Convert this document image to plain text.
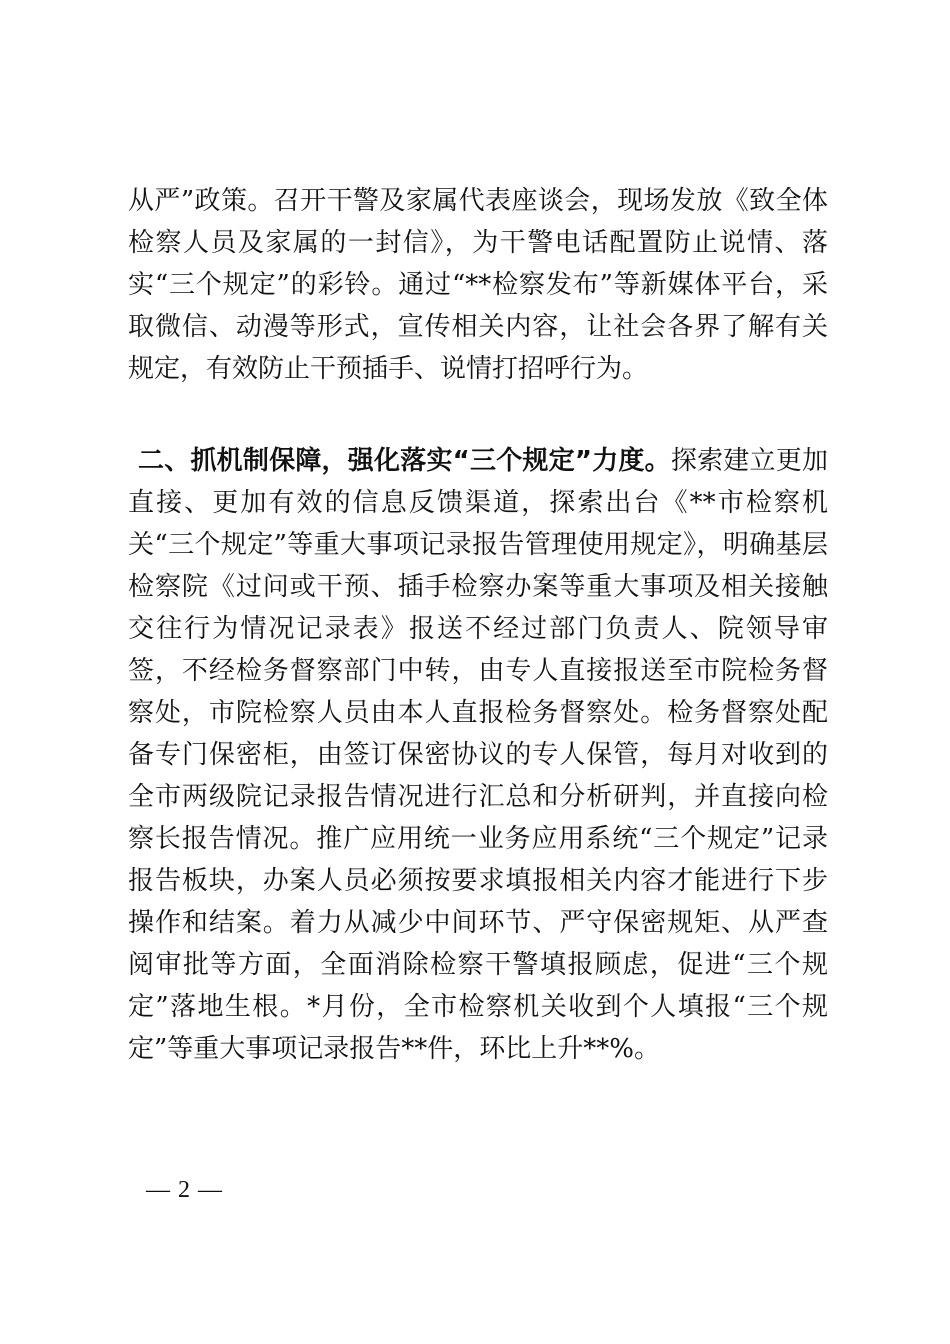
从严”政策。召开干警及家属代表座谈会，现场发放《致全体检察人员及家属的一封信》，为干警电话配置防止说情、落实“三个规定”的彩铃。通过“**检察发布”等新媒体平台，采取微信、动漫等形式，宣传相关内容，让社会各界了解有关规定，有效防止干预插手、说情打招呼行为。

二、抓机制保障，强化落实“三个规定”力度。探索建立更加直接、更加有效的信息反馈渠道，探索出台《**市检察机关“三个规定”等重大事项记录报告管理使用规定》，明确基层检察院《过问或干预、插手检察办案等重大事项及相关接触交往行为情况记录表》报送不经过部门负责人、院领导审签，不经检务督察部门中转，由专人直接报送至市院检务督察处，市院检察人员由本人直报检务督察处。检务督察处配备专门保密柜，由签订保密协议的专人保管，每月对收到的全市两级院记录报告情况进行汇总和分析研判，并直接向检察长报告情况。推广应用统一业务应用系统“三个规定”记录报告板块，办案人员必须按要求填报相关内容才能进行下步操作和结案。着力从减少中间环节、严守保密规矩、从严查阅审批等方面，全面消除检察干警填报顾虑，促进“三个规定”落地生根。*月份，全市检察机关收到个人填报“三个规定”等重大事项记录报告**件，环比上升**%。

— 2 —
